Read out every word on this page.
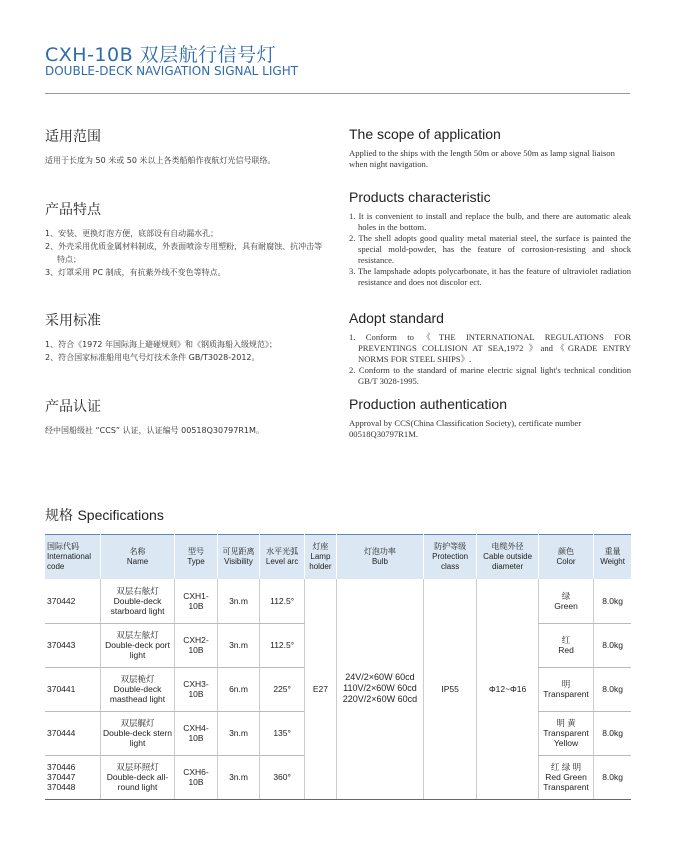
CXH-10B 双层航行信号灯
DOUBLE-DECK NAVIGATION SIGNAL LIGHT
适用范围

适用于长度为 50 米或 50 米以上各类船舶作夜航灯光信号联络。

The scope of application

Applied to the ships with the length 50m or above 50m as lamp signal liaison when night navigation.

产品特点
1、安装、更换灯泡方便，底部设有自动漏水孔；
2、外壳采用优质金属材料制成，外表面喷涂专用塑粉，具有耐腐蚀、抗冲击等特点；
3、灯罩采用 PC 制成，有抗紫外线不变色等特点。
Products characteristic
1. It is convenient to install and replace the bulb, and there are automatic aleak holes in the bottom.
2. The shell adopts good quality metal material steel, the surface is painted the special mold-powder, has the feature of corrosion-resisting and shock resistance.
3. The lampshade adopts polycarbonate, it has the feature of ultraviolet radiation resistance and does not discolor ect.
采用标准
1、符合《1972 年国际海上避碰规则》和《钢质海船入级规范》；
2、符合国家标准船用电气号灯技术条件 GB/T3028-2012。
Adopt standard
1. Conform to《THE INTERNATIONAL REGULATIONS FOR PREVENTINGS COLLISION AT SEA,1972 》and《GRADE ENTRY NORMS FOR STEEL SHIPS》.
2. Conform to the standard of marine electric signal light's technical condition GB/T 3028-1995.
产品认证

经中国船级社 “CCS” 认证，认证编号 00518Q30797R1M。

Production authentication

Approval by CCS(China Classification Society), certificate number 00518Q30797R1M.

规格 Specifications
国际代码
International code	名称
Name	型号
Type	可见距离
Visibility	水平光弧
Level arc	灯座
Lamp holder	灯泡功率
Bulb	防护等级
Protection class	电缆外径
Cable outside diameter	颜色
Color	重量
Weight
370442	双层右舷灯
Double-deck starboard light	CXH1-10B	3n.m	112.5°	E27	24V/2×60W 60cd
110V/2×60W 60cd
220V/2×60W 60cd	IP55	Φ12~Φ16	绿
Green	8.0kg
370443	双层左舷灯
Double-deck port light	CXH2-10B	3n.m	112.5°					红
Red	8.0kg
370441	双层桅灯
Double-deck masthead light	CXH3-10B	6n.m	225°					明
Transparent	8.0kg
370444	双层艉灯
Double-deck stern light	CXH4-10B	3n.m	135°					明 黄
Transparent Yellow	8.0kg
370446 370447 370448	双层环照灯
Double-deck all-round light	CXH6-10B	3n.m	360°					红 绿 明
Red Green Transparent	8.0kg
